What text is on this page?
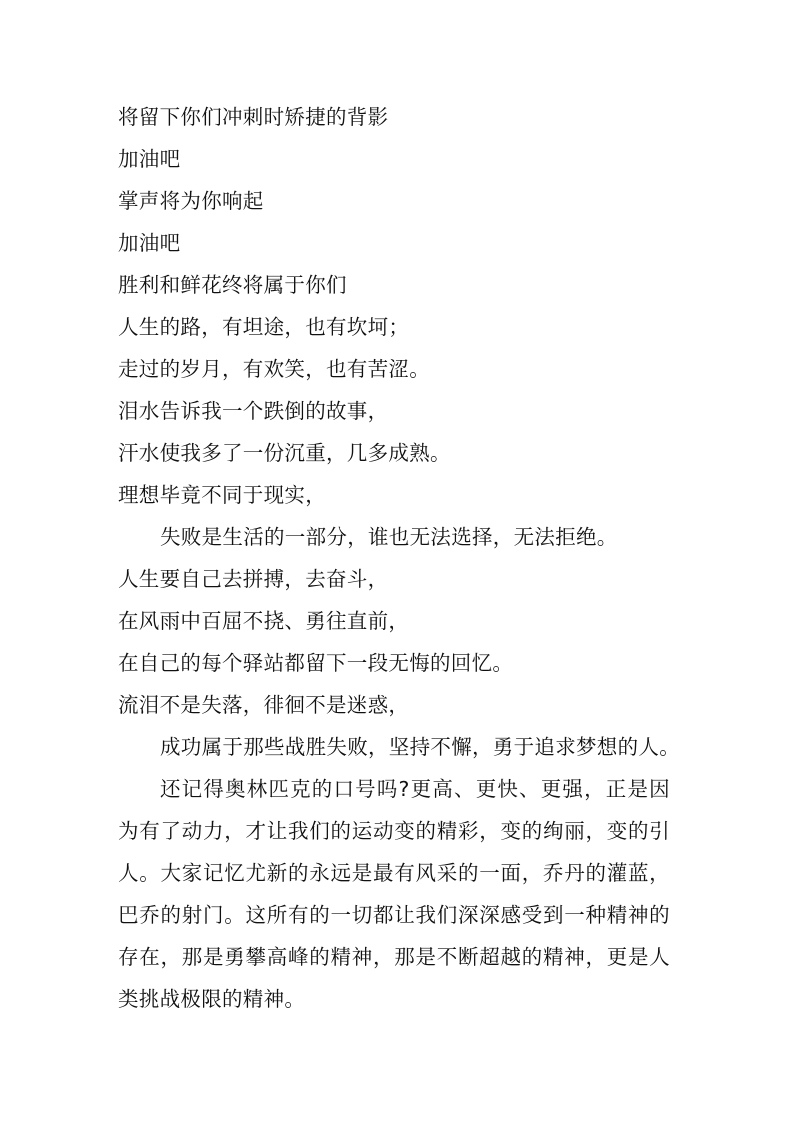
将留下你们冲刺时矫捷的背影
加油吧
掌声将为你响起
加油吧
胜利和鲜花终将属于你们
人生的路，有坦途，也有坎坷；
走过的岁月，有欢笑，也有苦涩。
泪水告诉我一个跌倒的故事，
汗水使我多了一份沉重，几多成熟。
理想毕竟不同于现实，
失败是生活的一部分，谁也无法选择，无法拒绝。
人生要自己去拼搏，去奋斗，
在风雨中百屈不挠、勇往直前，
在自己的每个驿站都留下一段无悔的回忆。
流泪不是失落，徘徊不是迷惑，
成功属于那些战胜失败，坚持不懈，勇于追求梦想的人。
还记得奥林匹克的口号吗?更高、更快、更强，正是因
为有了动力，才让我们的运动变的精彩，变的绚丽，变的引
人。大家记忆尤新的永远是最有风采的一面，乔丹的灌蓝，
巴乔的射门。这所有的一切都让我们深深感受到一种精神的
存在，那是勇攀高峰的精神，那是不断超越的精神，更是人
类挑战极限的精神。
